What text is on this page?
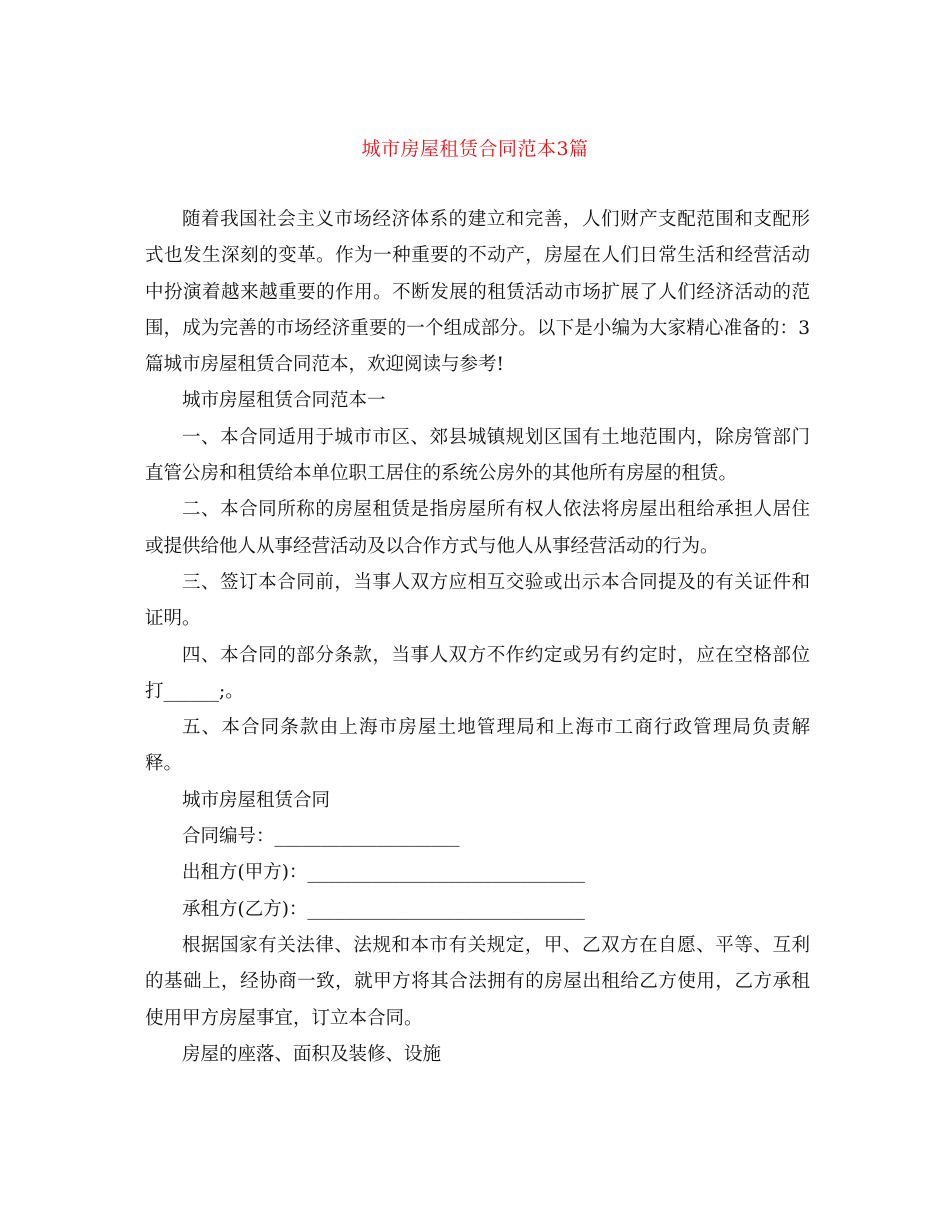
城市房屋租赁合同范本3篇

随着我国社会主义市场经济体系的建立和完善，人们财产支配范围和支配形式也发生深刻的变革。作为一种重要的不动产，房屋在人们日常生活和经营活动中扮演着越来越重要的作用。不断发展的租赁活动市场扩展了人们经济活动的范围，成为完善的市场经济重要的一个组成部分。以下是小编为大家精心准备的：3篇城市房屋租赁合同范本，欢迎阅读与参考!

城市房屋租赁合同范本一

一、本合同适用于城市市区、郊县城镇规划区国有土地范围内，除房管部门直管公房和租赁给本单位职工居住的系统公房外的其他所有房屋的租赁。

二、本合同所称的房屋租赁是指房屋所有权人依法将房屋出租给承担人居住或提供给他人从事经营活动及以合作方式与他人从事经营活动的行为。

三、签订本合同前，当事人双方应相互交验或出示本合同提及的有关证件和证明。

四、本合同的部分条款，当事人双方不作约定或另有约定时，应在空格部位打______;。

五、本合同条款由上海市房屋土地管理局和上海市工商行政管理局负责解释。

城市房屋租赁合同

合同编号：____________________

出租方(甲方)：______________________________

承租方(乙方)：______________________________

根据国家有关法律、法规和本市有关规定，甲、乙双方在自愿、平等、互利的基础上，经协商一致，就甲方将其合法拥有的房屋出租给乙方使用，乙方承租使用甲方房屋事宜，订立本合同。

房屋的座落、面积及装修、设施
